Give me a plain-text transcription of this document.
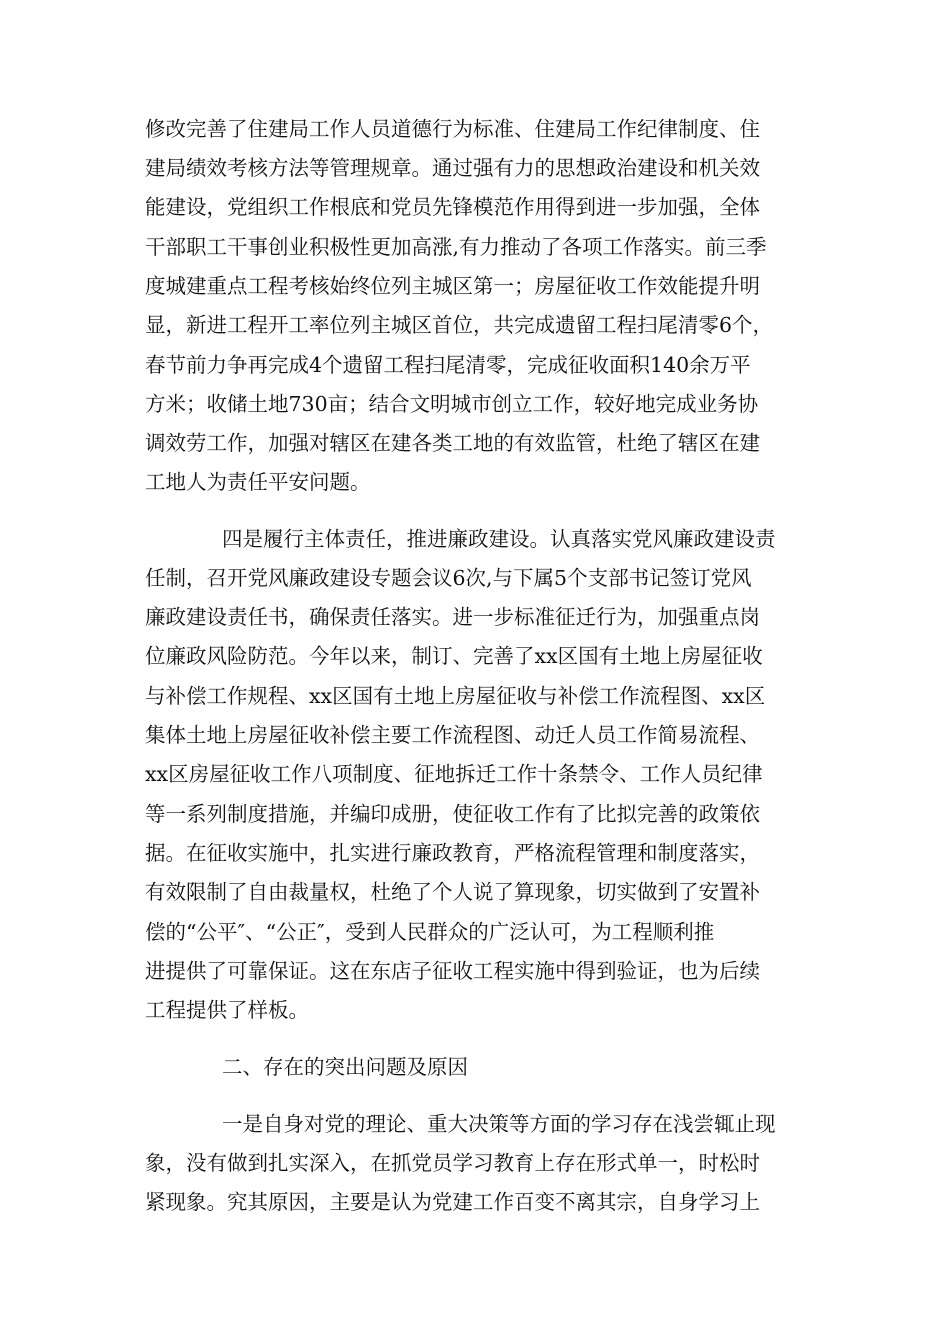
修改完善了住建局工作人员道德行为标准、住建局工作纪律制度、住
建局绩效考核方法等管理规章。通过强有力的思想政治建设和机关效
能建设，党组织工作根底和党员先锋模范作用得到进一步加强，全体
干部职工干事创业积极性更加高涨,有力推动了各项工作落实。前三季
度城建重点工程考核始终位列主城区第一；房屋征收工作效能提升明
显，新进工程开工率位列主城区首位，共完成遗留工程扫尾清零6个，
春节前力争再完成4个遗留工程扫尾清零，完成征收面积140余万平
方米；收储土地730亩；结合文明城市创立工作，较好地完成业务协
调效劳工作，加强对辖区在建各类工地的有效监管，杜绝了辖区在建
工地人为责任平安问题。
四是履行主体责任，推进廉政建设。认真落实党风廉政建设责
任制，召开党风廉政建设专题会议6次,与下属5个支部书记签订党风
廉政建设责任书，确保责任落实。进一步标准征迁行为，加强重点岗
位廉政风险防范。今年以来，制订、完善了xx区国有土地上房屋征收
与补偿工作规程、xx区国有土地上房屋征收与补偿工作流程图、xx区
集体土地上房屋征收补偿主要工作流程图、动迁人员工作简易流程、
xx区房屋征收工作八项制度、征地拆迁工作十条禁令、工作人员纪律
等一系列制度措施，并编印成册，使征收工作有了比拟完善的政策依
据。在征收实施中，扎实进行廉政教育，严格流程管理和制度落实，
有效限制了自由裁量权，杜绝了个人说了算现象，切实做到了安置补
偿的“公平″、“公正″，受到人民群众的广泛认可，为工程顺利推
进提供了可靠保证。这在东店子征收工程实施中得到验证，也为后续
工程提供了样板。
二、存在的突出问题及原因
一是自身对党的理论、重大决策等方面的学习存在浅尝辄止现
象，没有做到扎实深入，在抓党员学习教育上存在形式单一，时松时
紧现象。究其原因，主要是认为党建工作百变不离其宗，自身学习上
